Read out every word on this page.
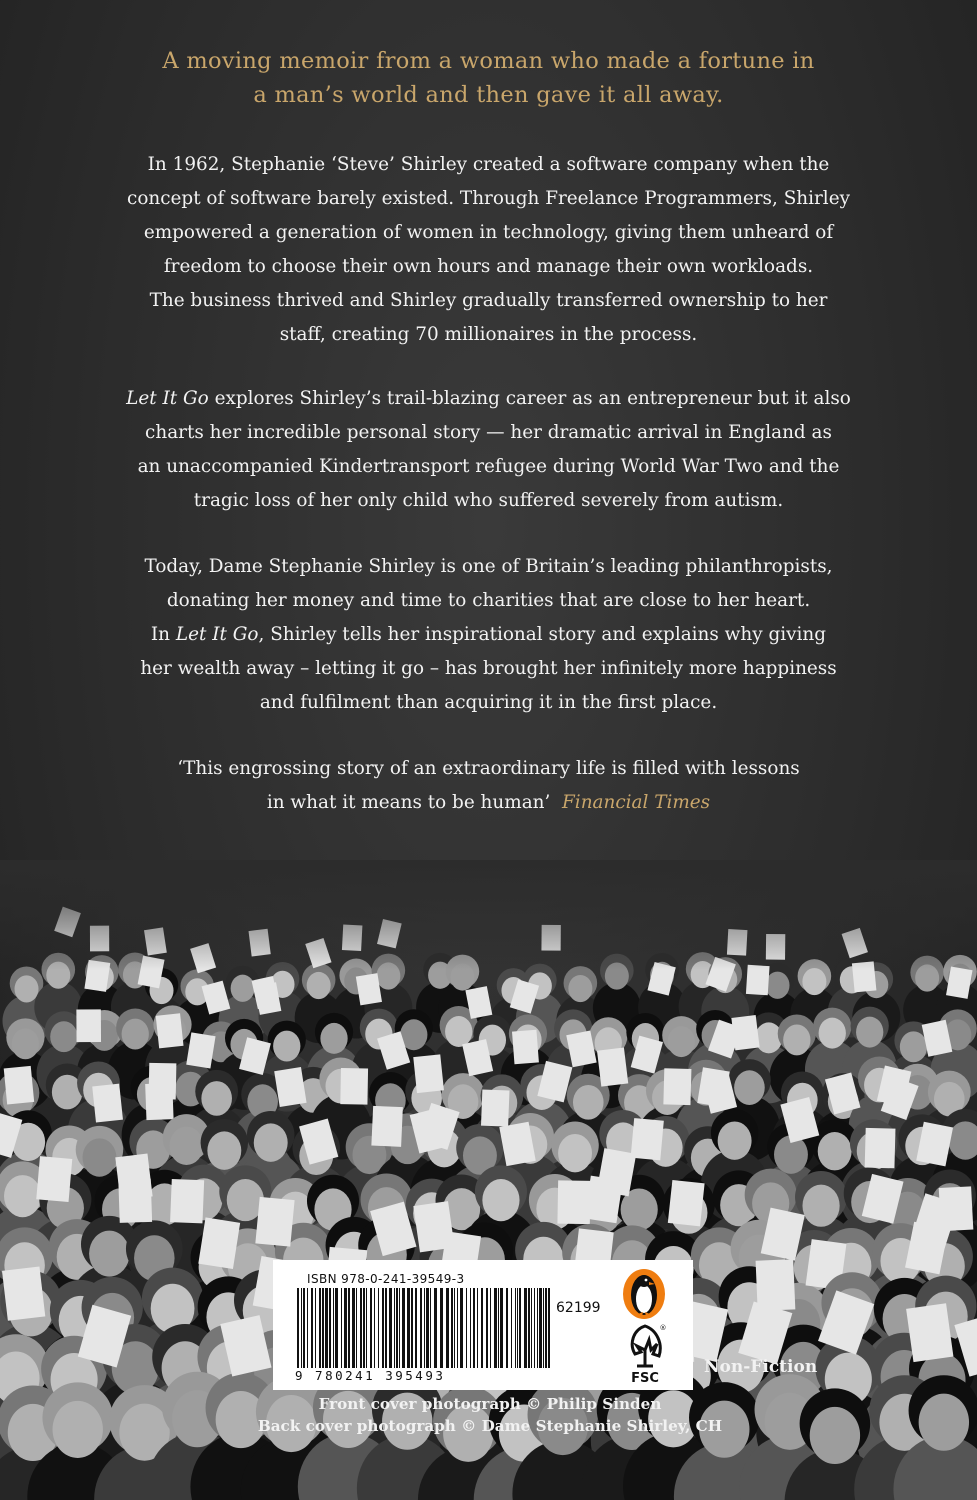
A moving memoir from a woman who made a fortune in
a man’s world and then gave it all away.
In 1962, Stephanie ‘Steve’ Shirley created a software company when the
concept of software barely existed. Through Freelance Programmers, Shirley
empowered a generation of women in technology, giving them unheard of
freedom to choose their own hours and manage their own workloads.
The business thrived and Shirley gradually transferred ownership to her
staff, creating 70 millionaires in the process.
Let It Go explores Shirley’s trail-blazing career as an entrepreneur but it also
charts her incredible personal story — her dramatic arrival in England as
an unaccompanied Kindertransport refugee during World War Two and the
tragic loss of her only child who suffered severely from autism.
Today, Dame Stephanie Shirley is one of Britain’s leading philanthropists,
donating her money and time to charities that are close to her heart.
In Let It Go, Shirley tells her inspirational story and explains why giving
her wealth away – letting it go – has brought her infinitely more happiness
and fulfilment than acquiring it in the first place.
‘This engrossing story of an extraordinary life is filled with lessons
in what it means to be human’ Financial Times
ISBN 978-0-241-39549-3
62199
9 780241 395493	FSC
®
Non-Fiction
Front cover photograph © Philip Sinden
Back cover photograph © Dame Stephanie Shirley, CH
